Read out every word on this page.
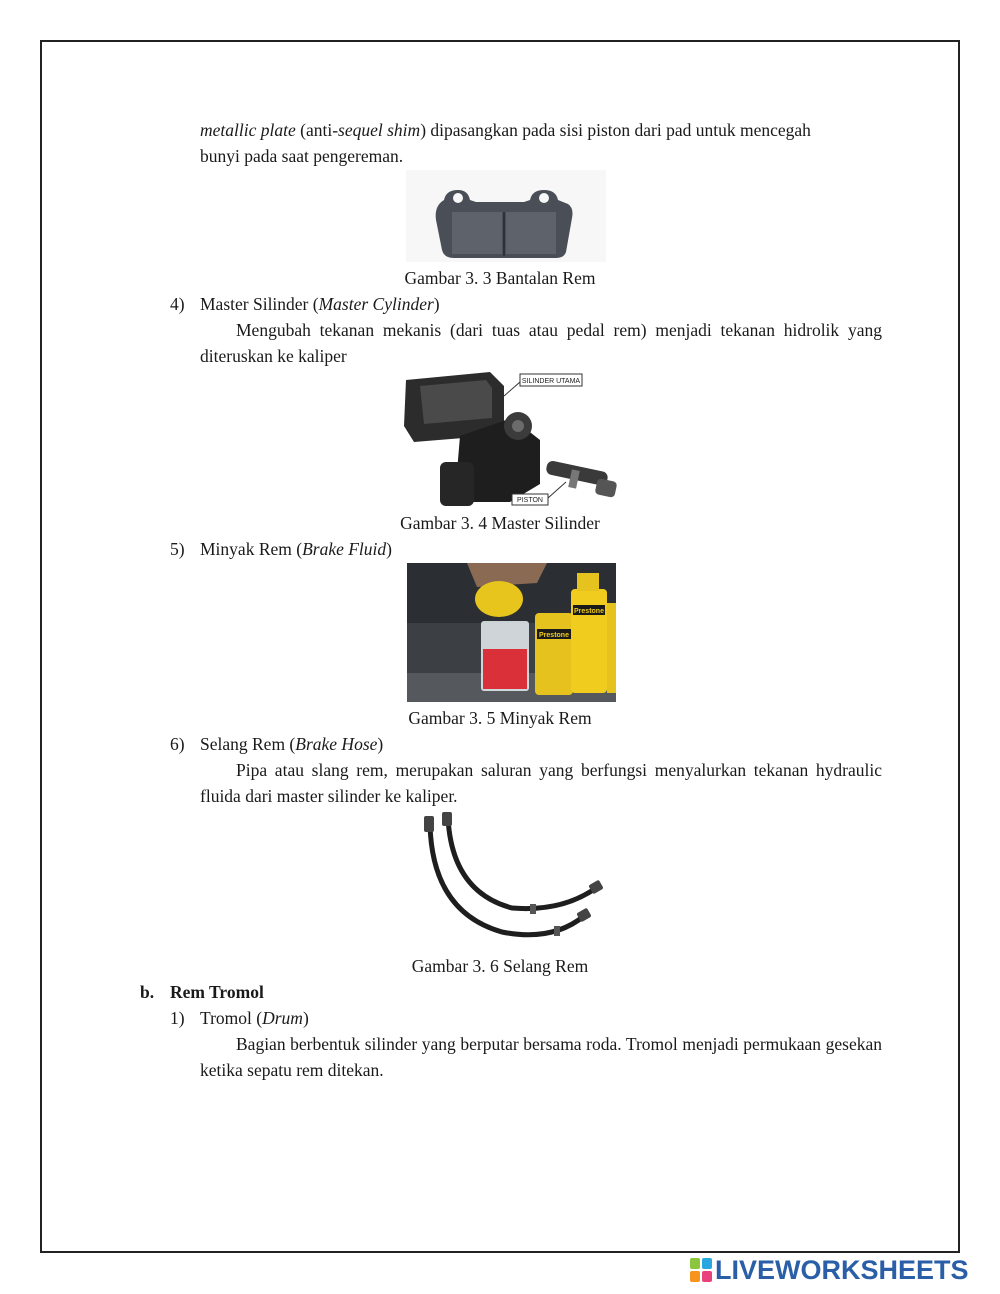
metallic plate (anti-sequel shim) dipasangkan pada sisi piston dari pad untuk mencegah
bunyi pada saat pengereman.
Gambar 3. 3 Bantalan Rem
4) Master Silinder (Master Cylinder)
Mengubah tekanan mekanis (dari tuas atau pedal rem) menjadi tekanan hidrolik yang diteruskan ke kaliper
SILINDER UTAMA
PISTON
Gambar 3. 4 Master Silinder
5) Minyak Rem (Brake Fluid)
Prestone
Prestone
Gambar 3. 5 Minyak Rem
6) Selang Rem (Brake Hose)
Pipa atau slang rem, merupakan saluran yang berfungsi menyalurkan tekanan hydraulic fluida dari master silinder ke kaliper.
Gambar 3. 6 Selang Rem
b. Rem Tromol
1) Tromol (Drum)
Bagian berbentuk silinder yang berputar bersama roda. Tromol menjadi permukaan gesekan ketika sepatu rem ditekan.
LIVEWORKSHEETS
